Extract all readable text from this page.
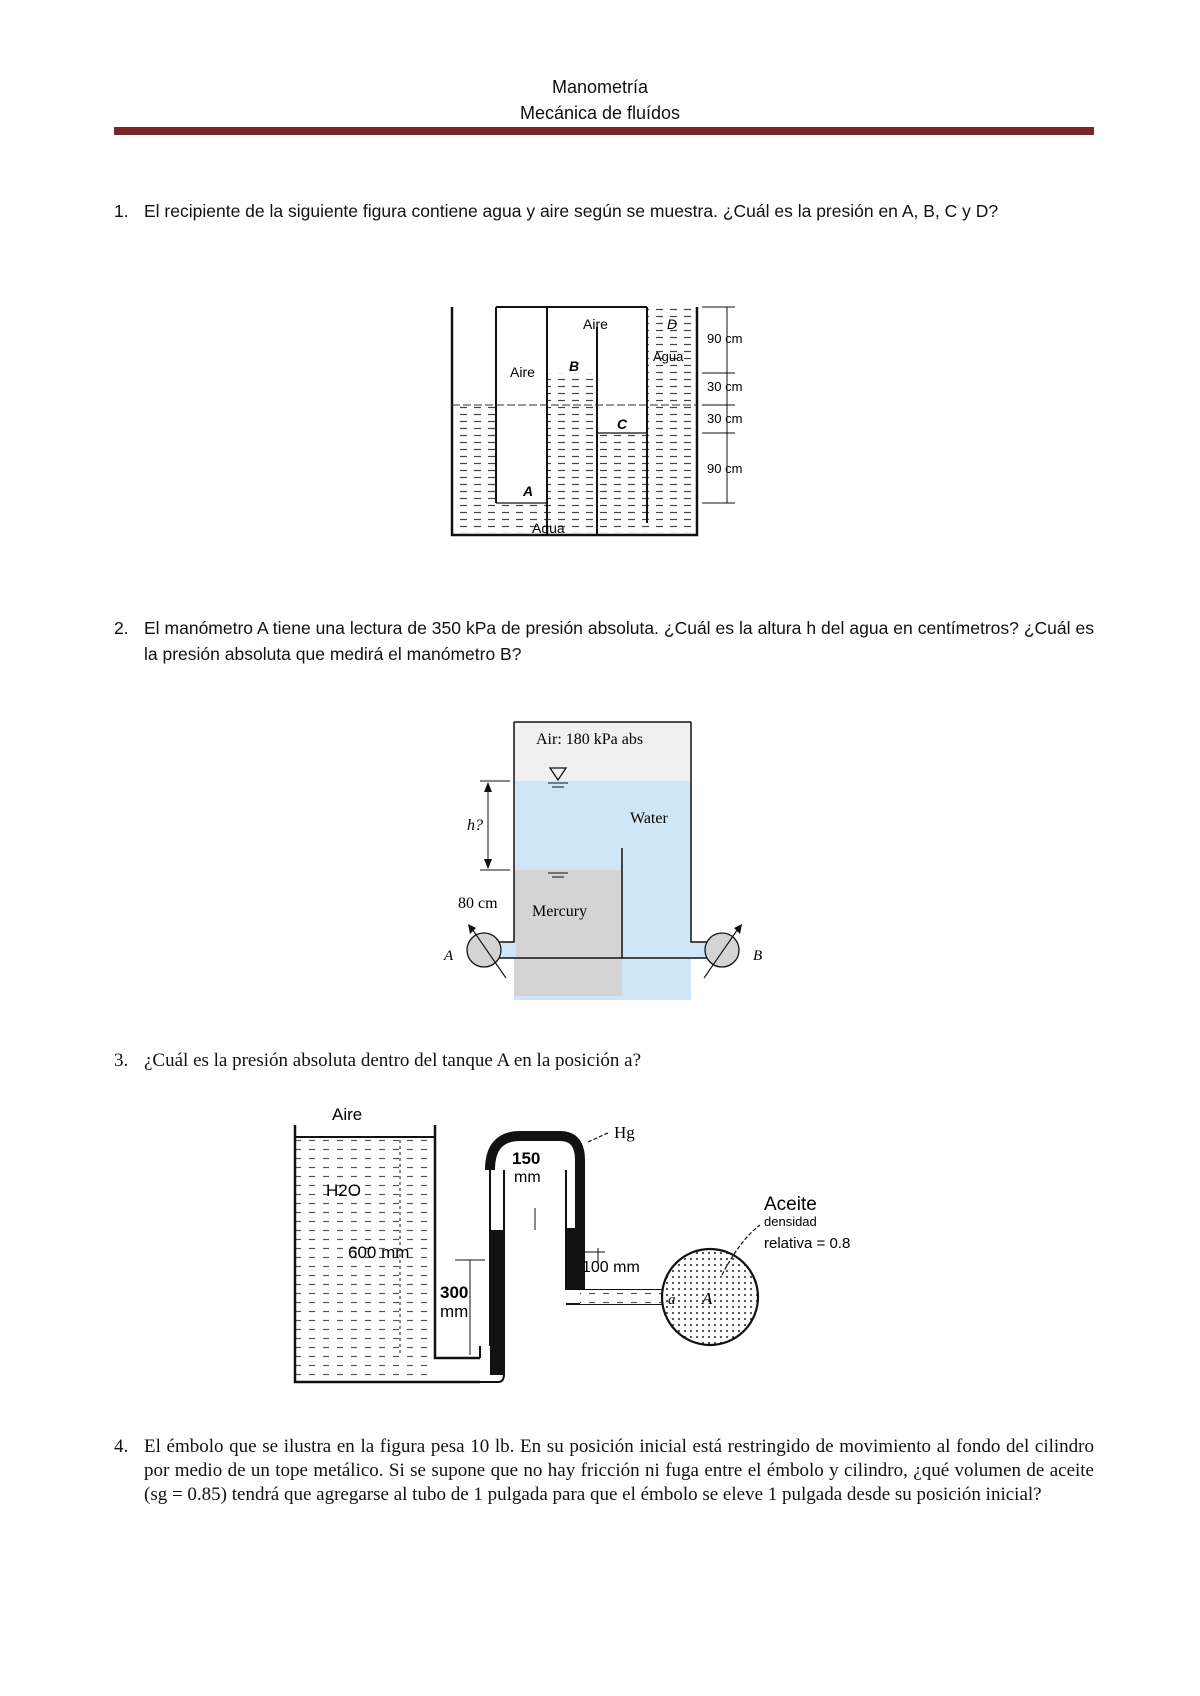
Manometría
Mecánica de fluídos
1. El recipiente de la siguiente figura contiene agua y aire según se muestra. ¿Cuál es la presión en A, B, C y D?
Aire
Aire
Agua
Agua
A
B
C
D
90 cm
30 cm
30 cm
90 cm
2. El manómetro A tiene una lectura de 350 kPa de presión absoluta. ¿Cuál es la altura h del agua en centímetros? ¿Cuál es la presión absoluta que medirá el manómetro B?
Air: 180 kPa abs
Water
Mercury
h?
80 cm
A	B
3. ¿Cuál es la presión absoluta dentro del tanque A en la posición a?
Aire
H2O
600 mm
300
mm
150
mm
100 mm
Hg
Aceite
densidad
relativa = 0.8
a A
4. El émbolo que se ilustra en la figura pesa 10 lb. En su posición inicial está restringido de movimiento al fondo del cilindro por medio de un tope metálico. Si se supone que no hay fricción ni fuga entre el émbolo y cilindro, ¿qué volumen de aceite (sg = 0.85) tendrá que agregarse al tubo de 1 pulgada para que el émbolo se eleve 1 pulgada desde su posición inicial?
